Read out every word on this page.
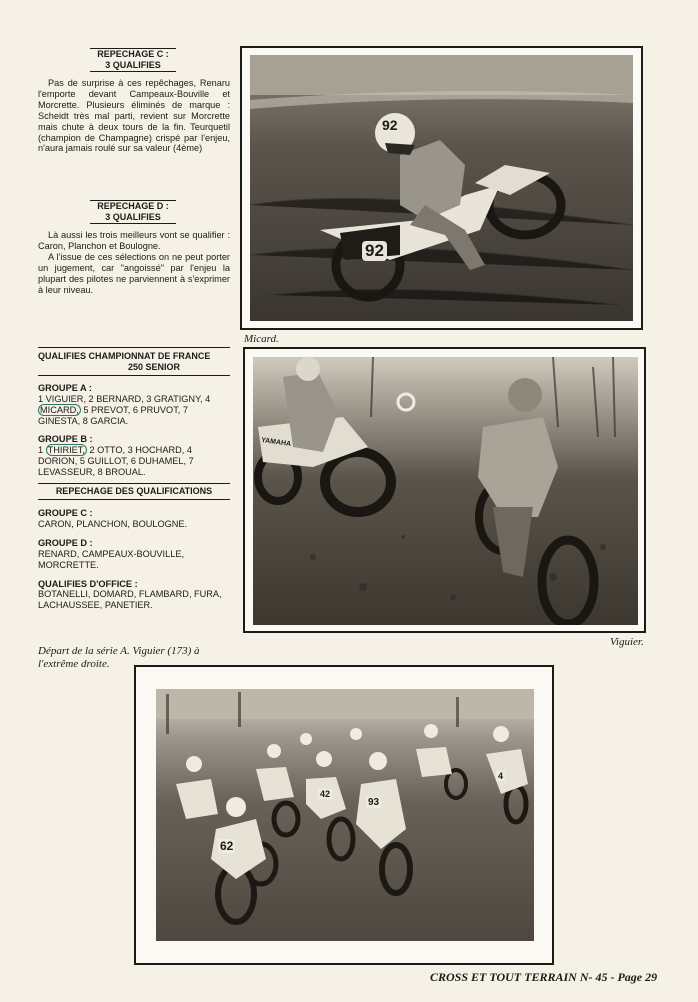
REPECHAGE C :
3 QUALIFIES
Pas de surprise à ces repêchages, Renaru l'emporte devant Campeaux-Bouville et Morcrette. Plusieurs éliminés de marque : Scheidt très mal parti, revient sur Morcrette mais chute à deux tours de la fin. Teurquetil (champion de Champagne) crispé par l'enjeu, n'aura jamais roulé sur sa valeur (4ème)
REPECHAGE D :
3 QUALIFIES
Là aussi les trois meilleurs vont se qualifier : Caron, Planchon et Boulogne.
A l'issue de ces sélections on ne peut porter un jugement, car "angoissé" par l'enjeu la plupart des pilotes ne parviennent à s'exprimer à leur niveau.
QUALIFIES CHAMPIONNAT DE FRANCE
250 SENIOR
GROUPE A :
1 VIGUIER, 2 BERNARD, 3 GRATIGNY, 4 MICARD, 5 PREVOT, 6 PRUVOT, 7 GINESTA, 8 GARCIA.
GROUPE B :
1 THIRIET, 2 OTTO, 3 HOCHARD, 4 DORION, 5 GUILLOT, 6 DUHAMEL, 7 LEVASSEUR, 8 BROUAL.
REPECHAGE DES QUALIFICATIONS
GROUPE C :
CARON, PLANCHON, BOULOGNE.
GROUPE D :
RENARD, CAMPEAUX-BOUVILLE, MORCRETTE.
QUALIFIES D'OFFICE :
BOTANELLI, DOMARD, FLAMBARD, FURA, LACHAUSSEE, PANETIER.
Départ de la série A. Viguier (173) à l'extrême droite.
92
92
YAMAHA
Micard.
YAMAHA
Viguier.
62
93
42
4
CROSS ET TOUT TERRAIN N- 45 - Page 29
